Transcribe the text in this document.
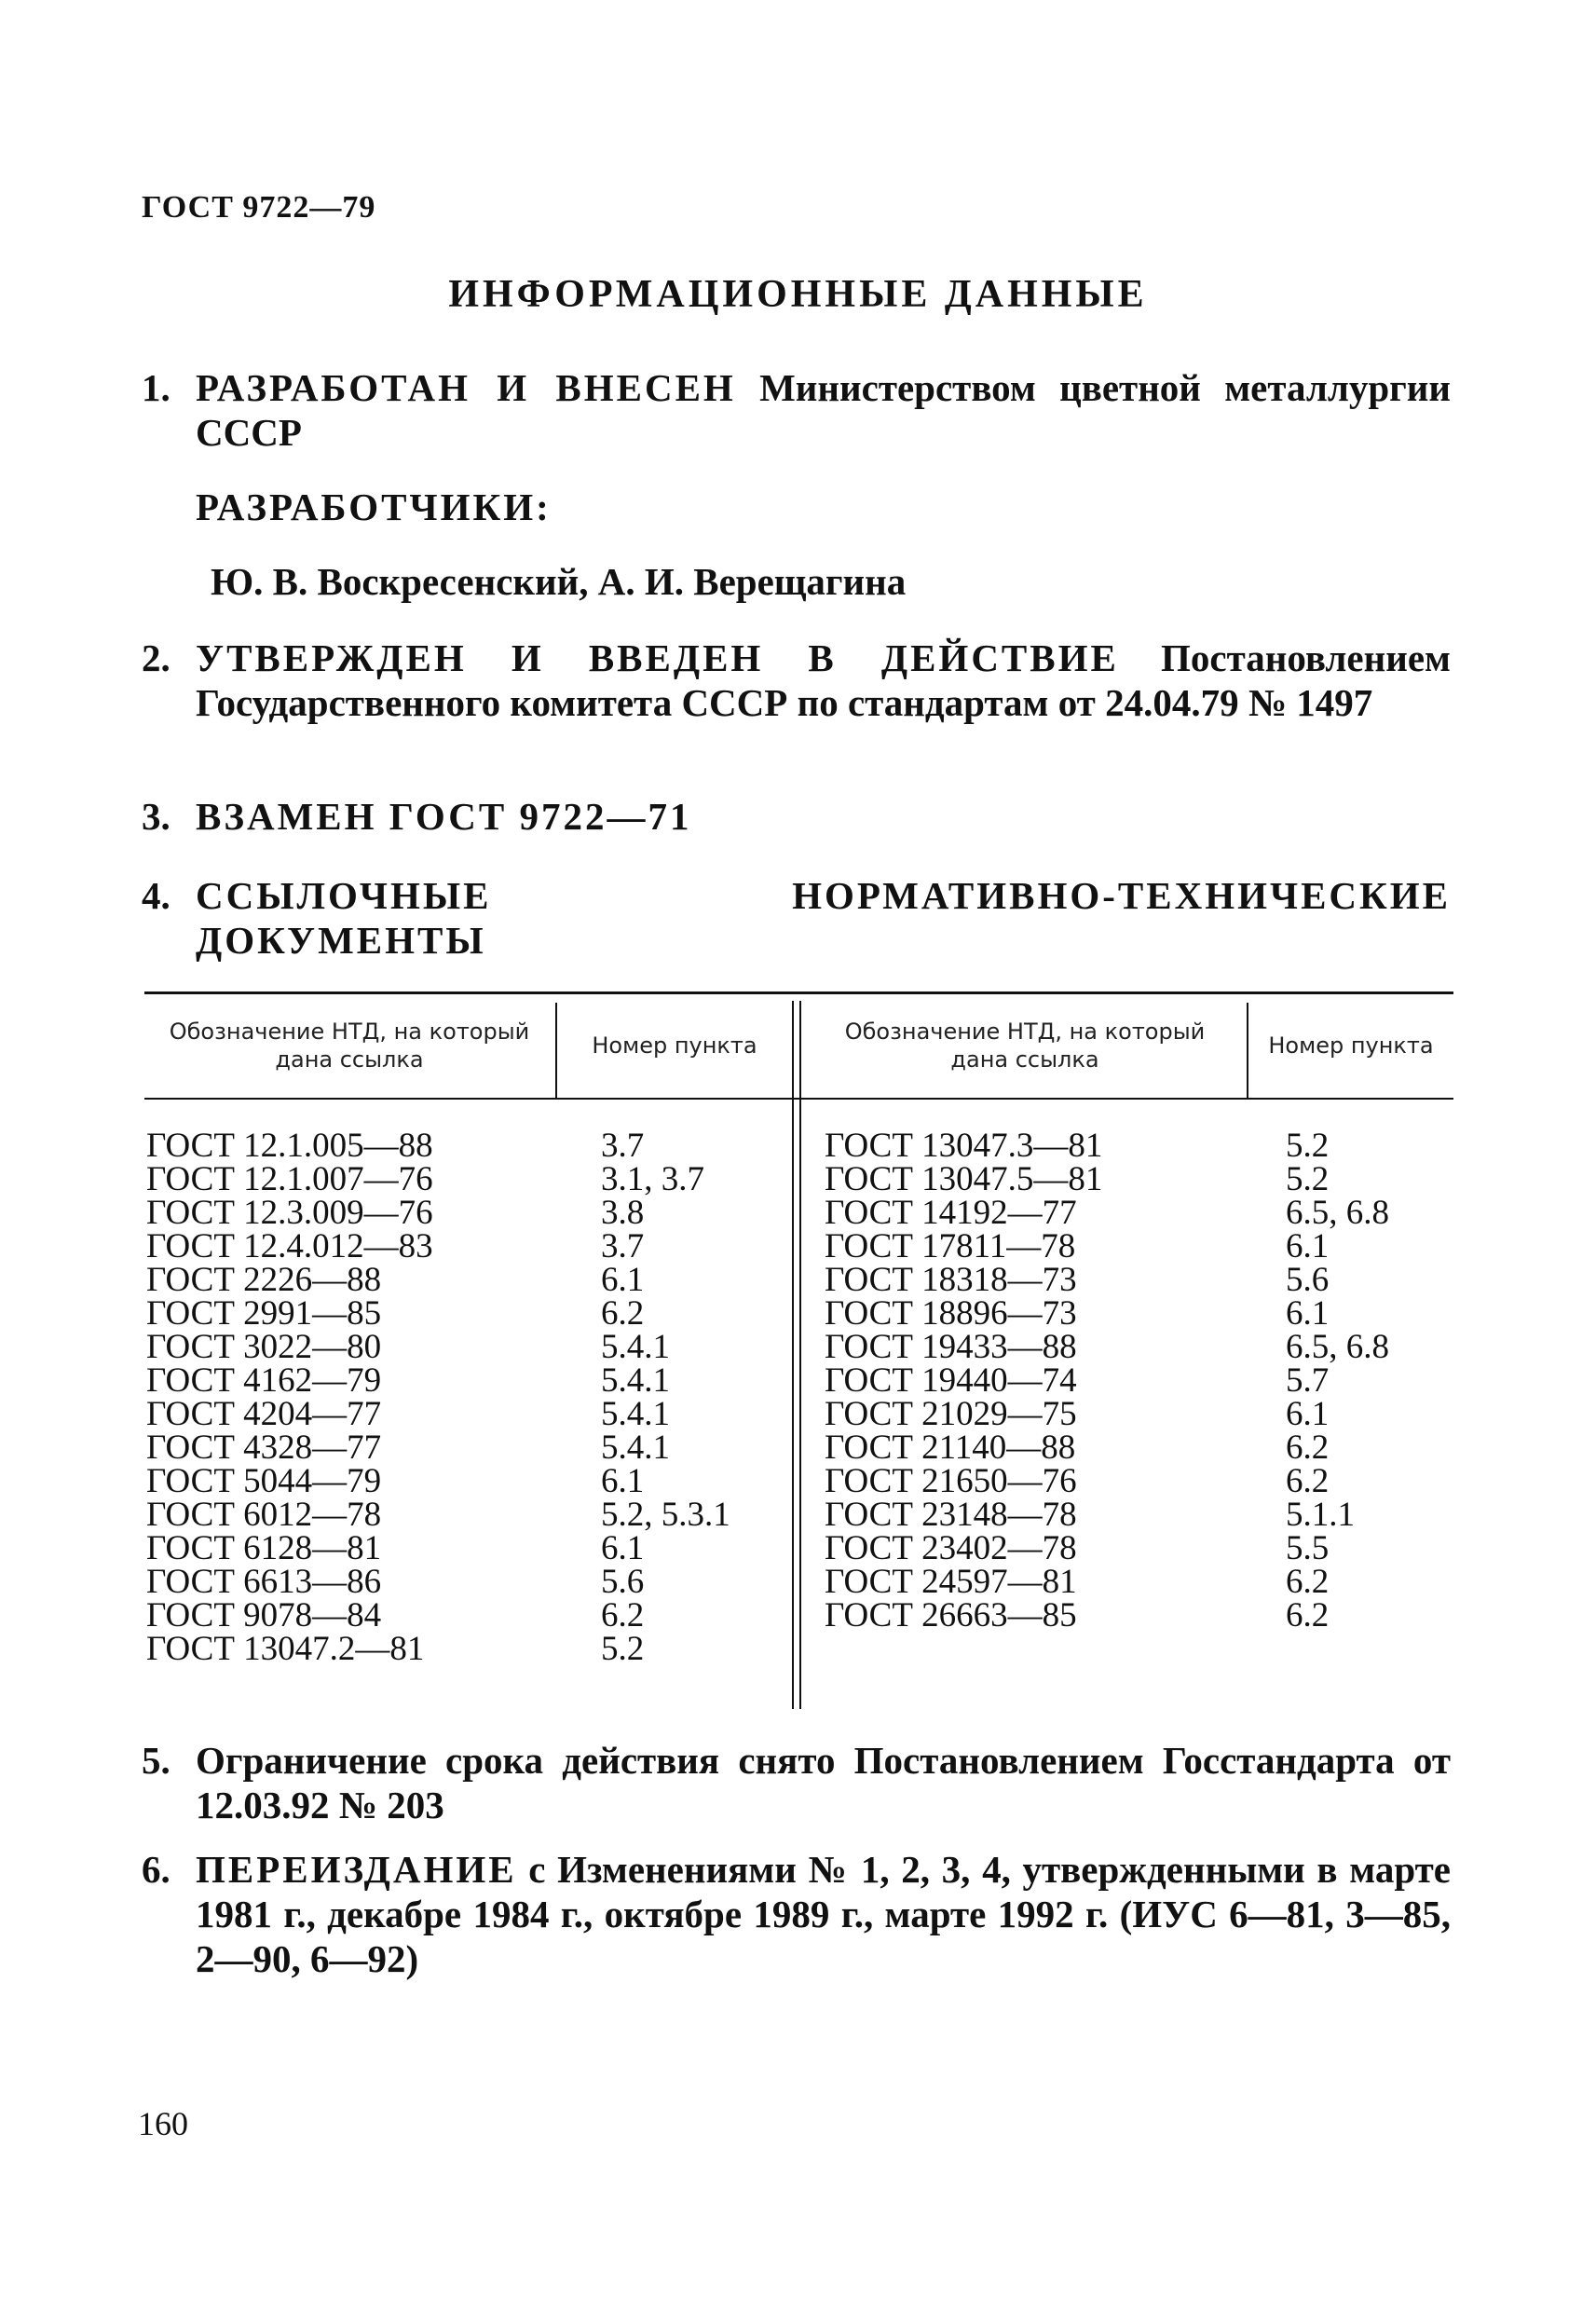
ГОСТ 9722—79
ИНФОРМАЦИОННЫЕ ДАННЫЕ
1. РАЗРАБОТАН И ВНЕСЕН Министерством цветной металлургии СССР
РАЗРАБОТЧИКИ:
Ю. В. Воскресенский, А. И. Верещагина
2. УТВЕРЖДЕН И ВВЕДЕН В ДЕЙСТВИЕ Постановлением Государственного комитета СССР по стандартам от 24.04.79 № 1497
3. ВЗАМЕН ГОСТ 9722—71
4. ССЫЛОЧНЫЕ НОРМАТИВНО-ТЕХНИЧЕСКИЕ ДОКУМЕНТЫ
Обозначение НТД, на который дана ссылка
Номер пункта
Обозначение НТД, на который дана ссылка
Номер пункта
ГОСТ 12.1.005—88
ГОСТ 12.1.007—76
ГОСТ 12.3.009—76
ГОСТ 12.4.012—83
ГОСТ 2226—88
ГОСТ 2991—85
ГОСТ 3022—80
ГОСТ 4162—79
ГОСТ 4204—77
ГОСТ 4328—77
ГОСТ 5044—79
ГОСТ 6012—78
ГОСТ 6128—81
ГОСТ 6613—86
ГОСТ 9078—84
ГОСТ 13047.2—81
3.7
3.1, 3.7
3.8
3.7
6.1
6.2
5.4.1
5.4.1
5.4.1
5.4.1
6.1
5.2, 5.3.1
6.1
5.6
6.2
5.2
ГОСТ 13047.3—81
ГОСТ 13047.5—81
ГОСТ 14192—77
ГОСТ 17811—78
ГОСТ 18318—73
ГОСТ 18896—73
ГОСТ 19433—88
ГОСТ 19440—74
ГОСТ 21029—75
ГОСТ 21140—88
ГОСТ 21650—76
ГОСТ 23148—78
ГОСТ 23402—78
ГОСТ 24597—81
ГОСТ 26663—85
5.2
5.2
6.5, 6.8
6.1
5.6
6.1
6.5, 6.8
5.7
6.1
6.2
6.2
5.1.1
5.5
6.2
6.2
5. Ограничение срока действия снято Постановлением Госстандарта от 12.03.92 № 203
6. ПЕРЕИЗДАНИЕ с Изменениями № 1, 2, 3, 4, утвержденными в марте 1981 г., декабре 1984 г., октябре 1989 г., марте 1992 г. (ИУС 6—81, 3—85, 2—90, 6—92)
160
